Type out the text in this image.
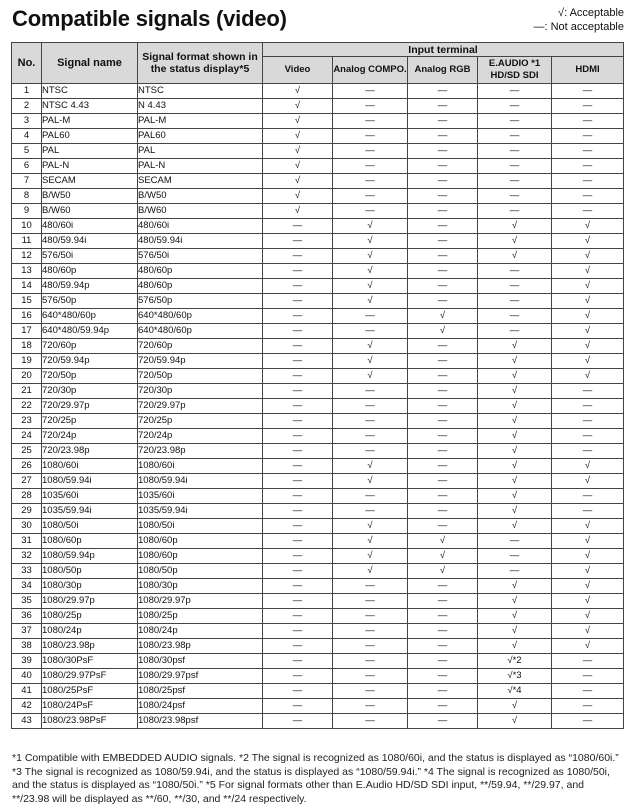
Compatible signals (video)	√: Acceptable
—: Not acceptable
No.	Signal name	Signal format shown in the status display*5	Input terminal				
			Video	Analog COMPO.	Analog RGB	E.AUDIO *1 HD/SD SDI	HDMI
1	NTSC	NTSC	√	—	—	—	—
2	NTSC 4.43	N 4.43	√	—	—	—	—
3	PAL-M	PAL-M	√	—	—	—	—
4	PAL60	PAL60	√	—	—	—	—
5	PAL	PAL	√	—	—	—	—
6	PAL-N	PAL-N	√	—	—	—	—
7	SECAM	SECAM	√	—	—	—	—
8	B/W50	B/W50	√	—	—	—	—
9	B/W60	B/W60	√	—	—	—	—
10	480/60i	480/60i	—	√	—	√	√
11	480/59.94i	480/59.94i	—	√	—	√	√
12	576/50i	576/50i	—	√	—	√	√
13	480/60p	480/60p	—	√	—	—	√
14	480/59.94p	480/60p	—	√	—	—	√
15	576/50p	576/50p	—	√	—	—	√
16	640*480/60p	640*480/60p	—	—	√	—	√
17	640*480/59.94p	640*480/60p	—	—	√	—	√
18	720/60p	720/60p	—	√	—	√	√
19	720/59.94p	720/59.94p	—	√	—	√	√
20	720/50p	720/50p	—	√	—	√	√
21	720/30p	720/30p	—	—	—	√	—
22	720/29.97p	720/29.97p	—	—	—	√	—
23	720/25p	720/25p	—	—	—	√	—
24	720/24p	720/24p	—	—	—	√	—
25	720/23.98p	720/23.98p	—	—	—	√	—
26	1080/60i	1080/60i	—	√	—	√	√
27	1080/59.94i	1080/59.94i	—	√	—	√	√
28	1035/60i	1035/60i	—	—	—	√	—
29	1035/59.94i	1035/59.94i	—	—	—	√	—
30	1080/50i	1080/50i	—	√	—	√	√
31	1080/60p	1080/60p	—	√	√	—	√
32	1080/59.94p	1080/60p	—	√	√	—	√
33	1080/50p	1080/50p	—	√	√	—	√
34	1080/30p	1080/30p	—	—	—	√	√
35	1080/29.97p	1080/29.97p	—	—	—	√	√
36	1080/25p	1080/25p	—	—	—	√	√
37	1080/24p	1080/24p	—	—	—	√	√
38	1080/23.98p	1080/23.98p	—	—	—	√	√
39	1080/30PsF	1080/30psf	—	—	—	√*2	—
40	1080/29.97PsF	1080/29.97psf	—	—	—	√*3	—
41	1080/25PsF	1080/25psf	—	—	—	√*4	—
42	1080/24PsF	1080/24psf	—	—	—	√	—
43	1080/23.98PsF	1080/23.98psf	—	—	—	√	—
*1 Compatible with EMBEDDED AUDIO signals. *2 The signal is recognized as 1080/60i, and the status is displayed as “1080/60i.” *3 The signal is recognized as 1080/59.94i, and the status is displayed as “1080/59.94i.” *4 The signal is recognized as 1080/50i, and the status is displayed as “1080/50i.” *5 For signal formats other than E.Audio HD/SD SDI input, **/59.94, **/29.97, and **/23.98 will be displayed as **/60, **/30, and **/24 respectively.
